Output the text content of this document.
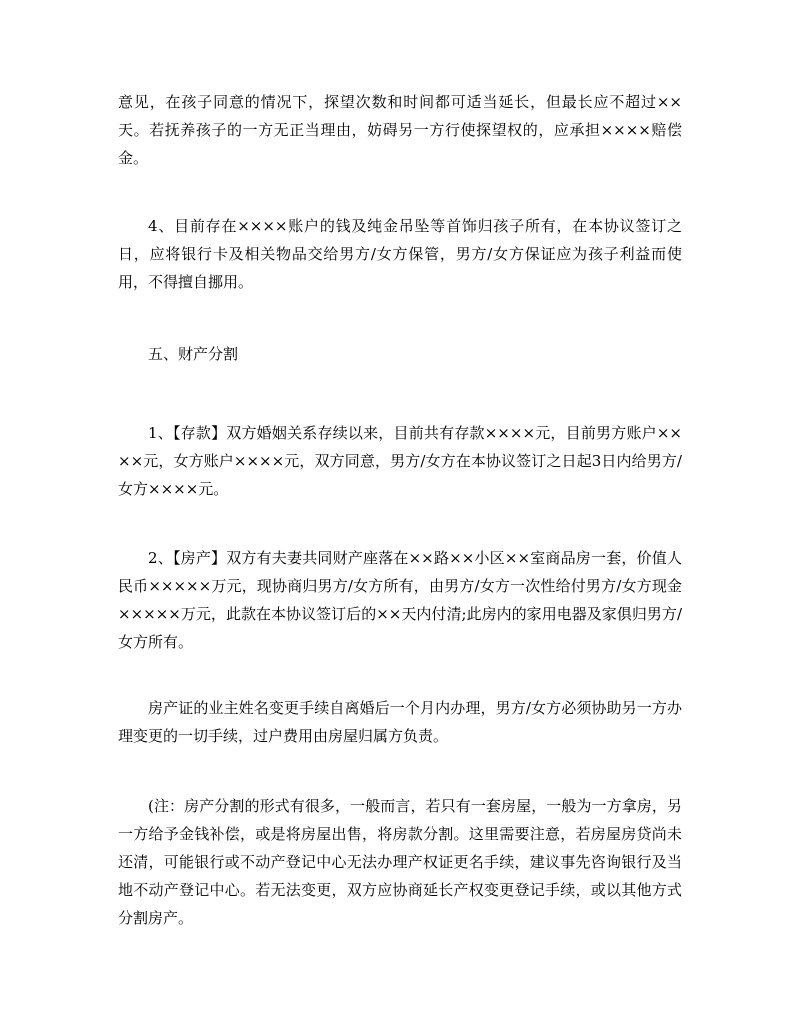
意见，在孩子同意的情况下，探望次数和时间都可适当延长，但最长应不超过××天。若抚养孩子的一方无正当理由，妨碍另一方行使探望权的，应承担××××赔偿金。

4、目前存在××××账户的钱及纯金吊坠等首饰归孩子所有，在本协议签订之日，应将银行卡及相关物品交给男方/女方保管，男方/女方保证应为孩子利益而使用，不得擅自挪用。

五、财产分割

1、【存款】双方婚姻关系存续以来，目前共有存款××××元，目前男方账户××××元，女方账户××××元，双方同意，男方/女方在本协议签订之日起3日内给男方/女方××××元。

2、【房产】双方有夫妻共同财产座落在××路××小区××室商品房一套，价值人民币×××××万元，现协商归男方/女方所有，由男方/女方一次性给付男方/女方现金×××××万元，此款在本协议签订后的××天内付清;此房内的家用电器及家俱归男方/女方所有。

房产证的业主姓名变更手续自离婚后一个月内办理，男方/女方必须协助另一方办理变更的一切手续，过户费用由房屋归属方负责。

(注：房产分割的形式有很多，一般而言，若只有一套房屋，一般为一方拿房，另一方给予金钱补偿，或是将房屋出售，将房款分割。这里需要注意，若房屋房贷尚未还清，可能银行或不动产登记中心无法办理产权证更名手续，建议事先咨询银行及当地不动产登记中心。若无法变更，双方应协商延长产权变更登记手续，或以其他方式分割房产。
